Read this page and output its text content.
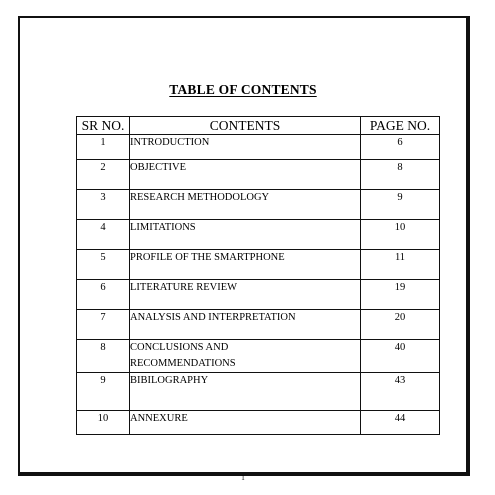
TABLE OF CONTENTS
SR NO.	CONTENTS	PAGE NO.
1	INTRODUCTION	6
2	OBJECTIVE	8
3	RESEARCH METHODOLOGY	9
4	LIMITATIONS	10
5	PROFILE OF THE SMARTPHONE	11
6	LITERATURE REVIEW	19
7	ANALYSIS AND INTERPRETATION	20
8	CONCLUSIONS AND
RECOMMENDATIONS	40
9	BIBILOGRAPHY	43
10	ANNEXURE	44
1
